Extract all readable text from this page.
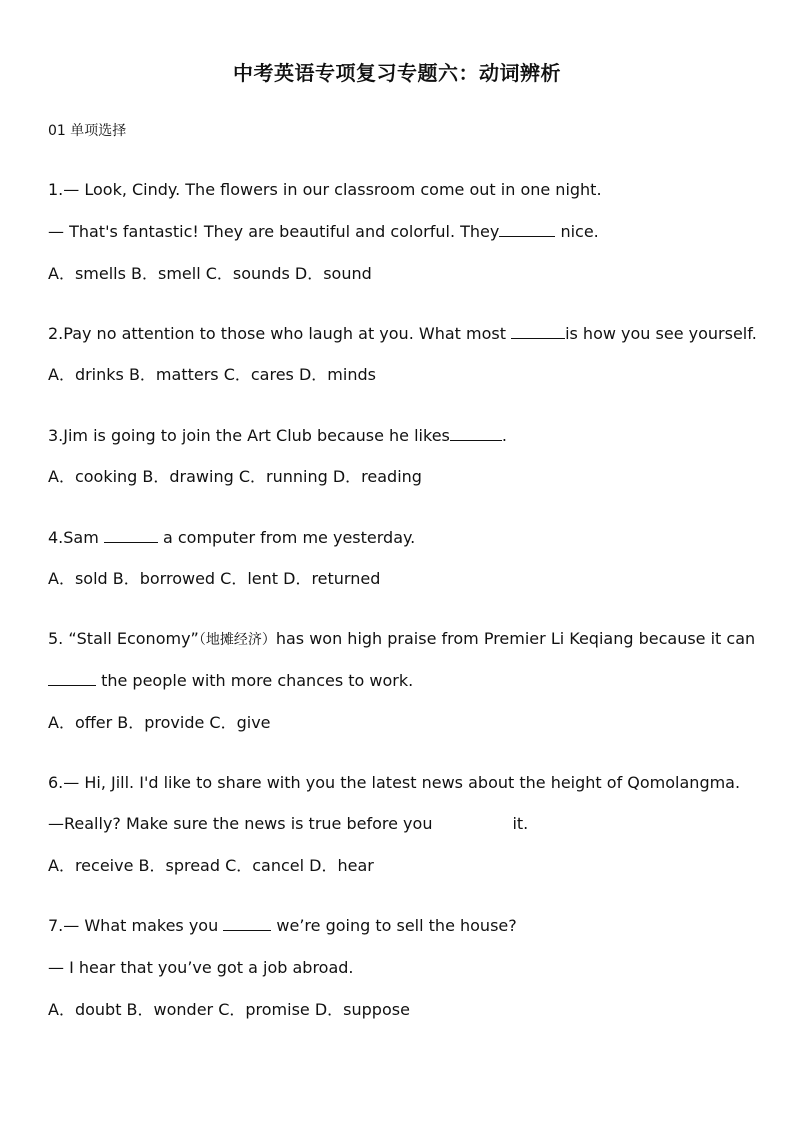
中考英语专项复习专题六：动词辨析
01 单项选择
1.— Look, Cindy. The flowers in our classroom come out in one night.
— That's fantastic! They are beautiful and colorful. They	nice.
A．smells B．smell C．sounds D．sound
2.Pay no attention to those who laugh at you. What most	is how you see yourself.
A．drinks B．matters C．cares D．minds
3.Jim is going to join the Art Club because he likes	.
A．cooking B．drawing C．running D．reading
4.Sam	a computer from me yesterday.
A．sold B．borrowed C．lent D．returned
5. “Stall Economy”（地摊经济）has won high praise from Premier Li Keqiang because it can
the people with more chances to work.
A．offer B．provide C．give
6.— Hi, Jill. I'd like to share with you the latest news about the height of Qomolangma.
—Really? Make sure the news is true before you	it.
A．receive B．spread C．cancel D．hear
7.— What makes you	we’re going to sell the house?
— I hear that you’ve got a job abroad.
A．doubt B．wonder C．promise D．suppose
